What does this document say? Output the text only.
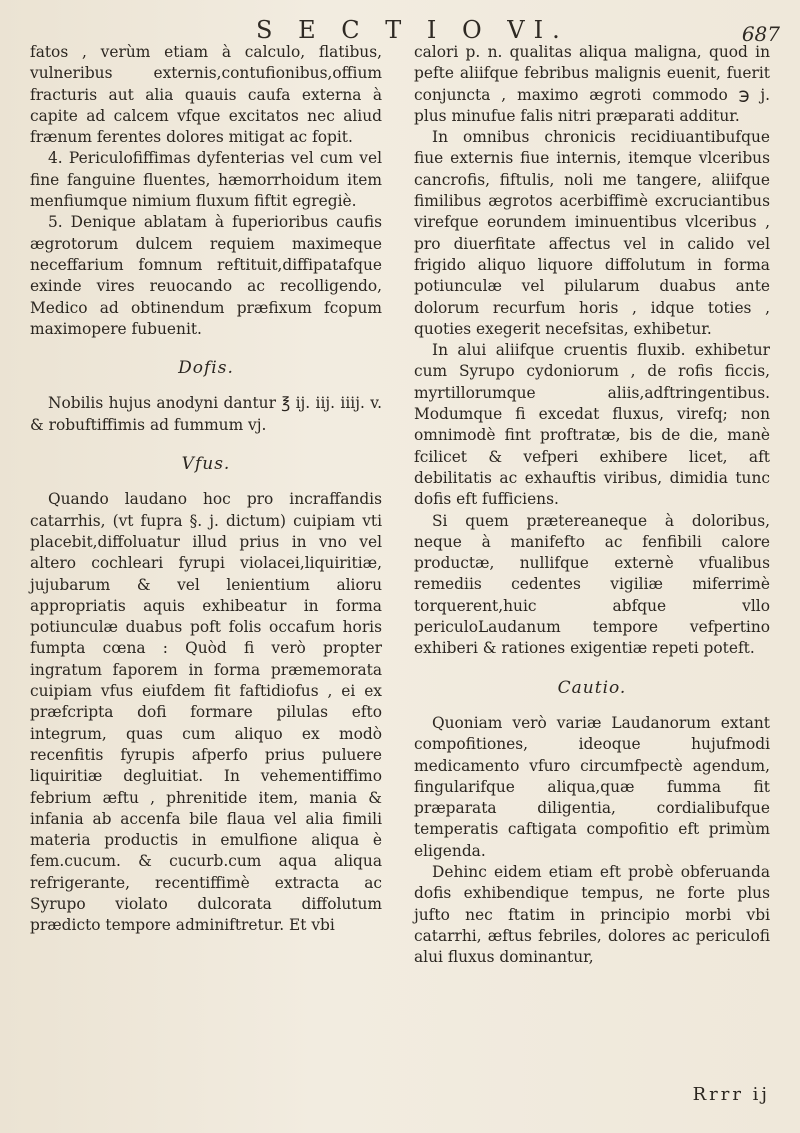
S E C T I O VI.	687

fatos , verùm etiam à calculo, flatibus, vulneribus externis,contufionibus,offium fracturis aut alia quauis caufa externa à capite ad calcem vfque excitatos nec aliud frænum ferentes dolores mitigat ac fopit.

4. Periculofiffimas dyfenterias vel cum vel fine fanguine fluentes, hæmorrhoidum item menfiumque nimium fluxum fiftit egregiè.

5. Denique ablatam à fuperioribus caufis ægrotorum dulcem requiem maximeque neceffarium fomnum reftituit,diffipatafque exinde vires reuocando ac recolligendo, Medico ad obtinendum præfixum fcopum maximopere fubuenit.

Dofis.

Nobilis hujus anodyni dantur ℥ ij. iij. iiij. v. & robuftiffimis ad fummum vj.

Vfus.

Quando laudano hoc pro incraffandis catarrhis, (vt fupra §. j. dictum) cuipiam vti placebit,diffoluatur illud prius in vno vel altero cochleari fyrupi violacei,liquiritiæ, jujubarum & vel lenientium alioru appropriatis aquis exhibeatur in forma potiunculæ duabus poft folis occafum horis fumpta cœna : Quòd fi verò propter ingratum faporem in forma præmemorata cuipiam vfus eiufdem fit faftidiofus , ei ex præfcripta dofi formare pilulas efto integrum, quas cum aliquo ex modò recenfitis fyrupis afperfo prius puluere liquiritiæ degluitiat. In vehementiffimo febrium æftu , phrenitide item, mania & infania ab accenfa bile flaua vel alia fimili materia productis in emulfione aliqua è fem.cucum. & cucurb.cum aqua aliqua refrigerante, recentiffimè extracta ac Syrupo violato dulcorata diffolutum prædicto tempore adminiftretur. Et vbi

calori p. n. qualitas aliqua maligna, quod in pefte aliifque febribus malignis euenit, fuerit conjuncta , maximo ægroti commodo ℈ j. plus minufue falis nitri præparati additur.

In omnibus chronicis recidiuantibufque fiue externis fiue internis, itemque vlceribus cancrofis, fiftulis, noli me tangere, aliifque fimilibus ægrotos acerbiffimè excruciantibus virefque eorundem iminuentibus vlceribus , pro diuerfitate affectus vel in calido vel frigido aliquo liquore diffolutum in forma potiunculæ vel pilularum duabus ante dolorum recurfum horis , idque toties , quoties exegerit necefsitas, exhibetur.

In alui aliifque cruentis fluxib. exhibetur cum Syrupo cydoniorum , de rofis ficcis, myrtillorumque aliis,adftringentibus. Modumque fi excedat fluxus, virefq; non omnimodè fint proftratæ, bis de die, manè fcilicet & vefperi exhibere licet, aft debilitatis ac exhauftis viribus, dimidia tunc dofis eft fufficiens.

Si quem prætereaneque à doloribus, neque à manifefto ac fenfibili calore productæ, nullifque externè vfualibus remediis cedentes vigiliæ miferrimè torquerent,huic abfque vllo periculoLaudanum tempore vefpertino exhiberi & rationes exigentiæ repeti poteft.

Cautio.

Quoniam verò variæ Laudanorum extant compofitiones, ideoque hujufmodi medicamento vfuro circumfpectè agendum, fingularifque aliqua,quæ fumma fit præparata diligentia, cordialibufque temperatis caftigata compofitio eft primùm eligenda.

Dehinc eidem etiam eft probè obferuanda dofis exhibendique tempus, ne forte plus jufto nec ftatim in principio morbi vbi catarrhi, æftus febriles, dolores ac periculofi alui fluxus dominantur,

Rrrr ij
